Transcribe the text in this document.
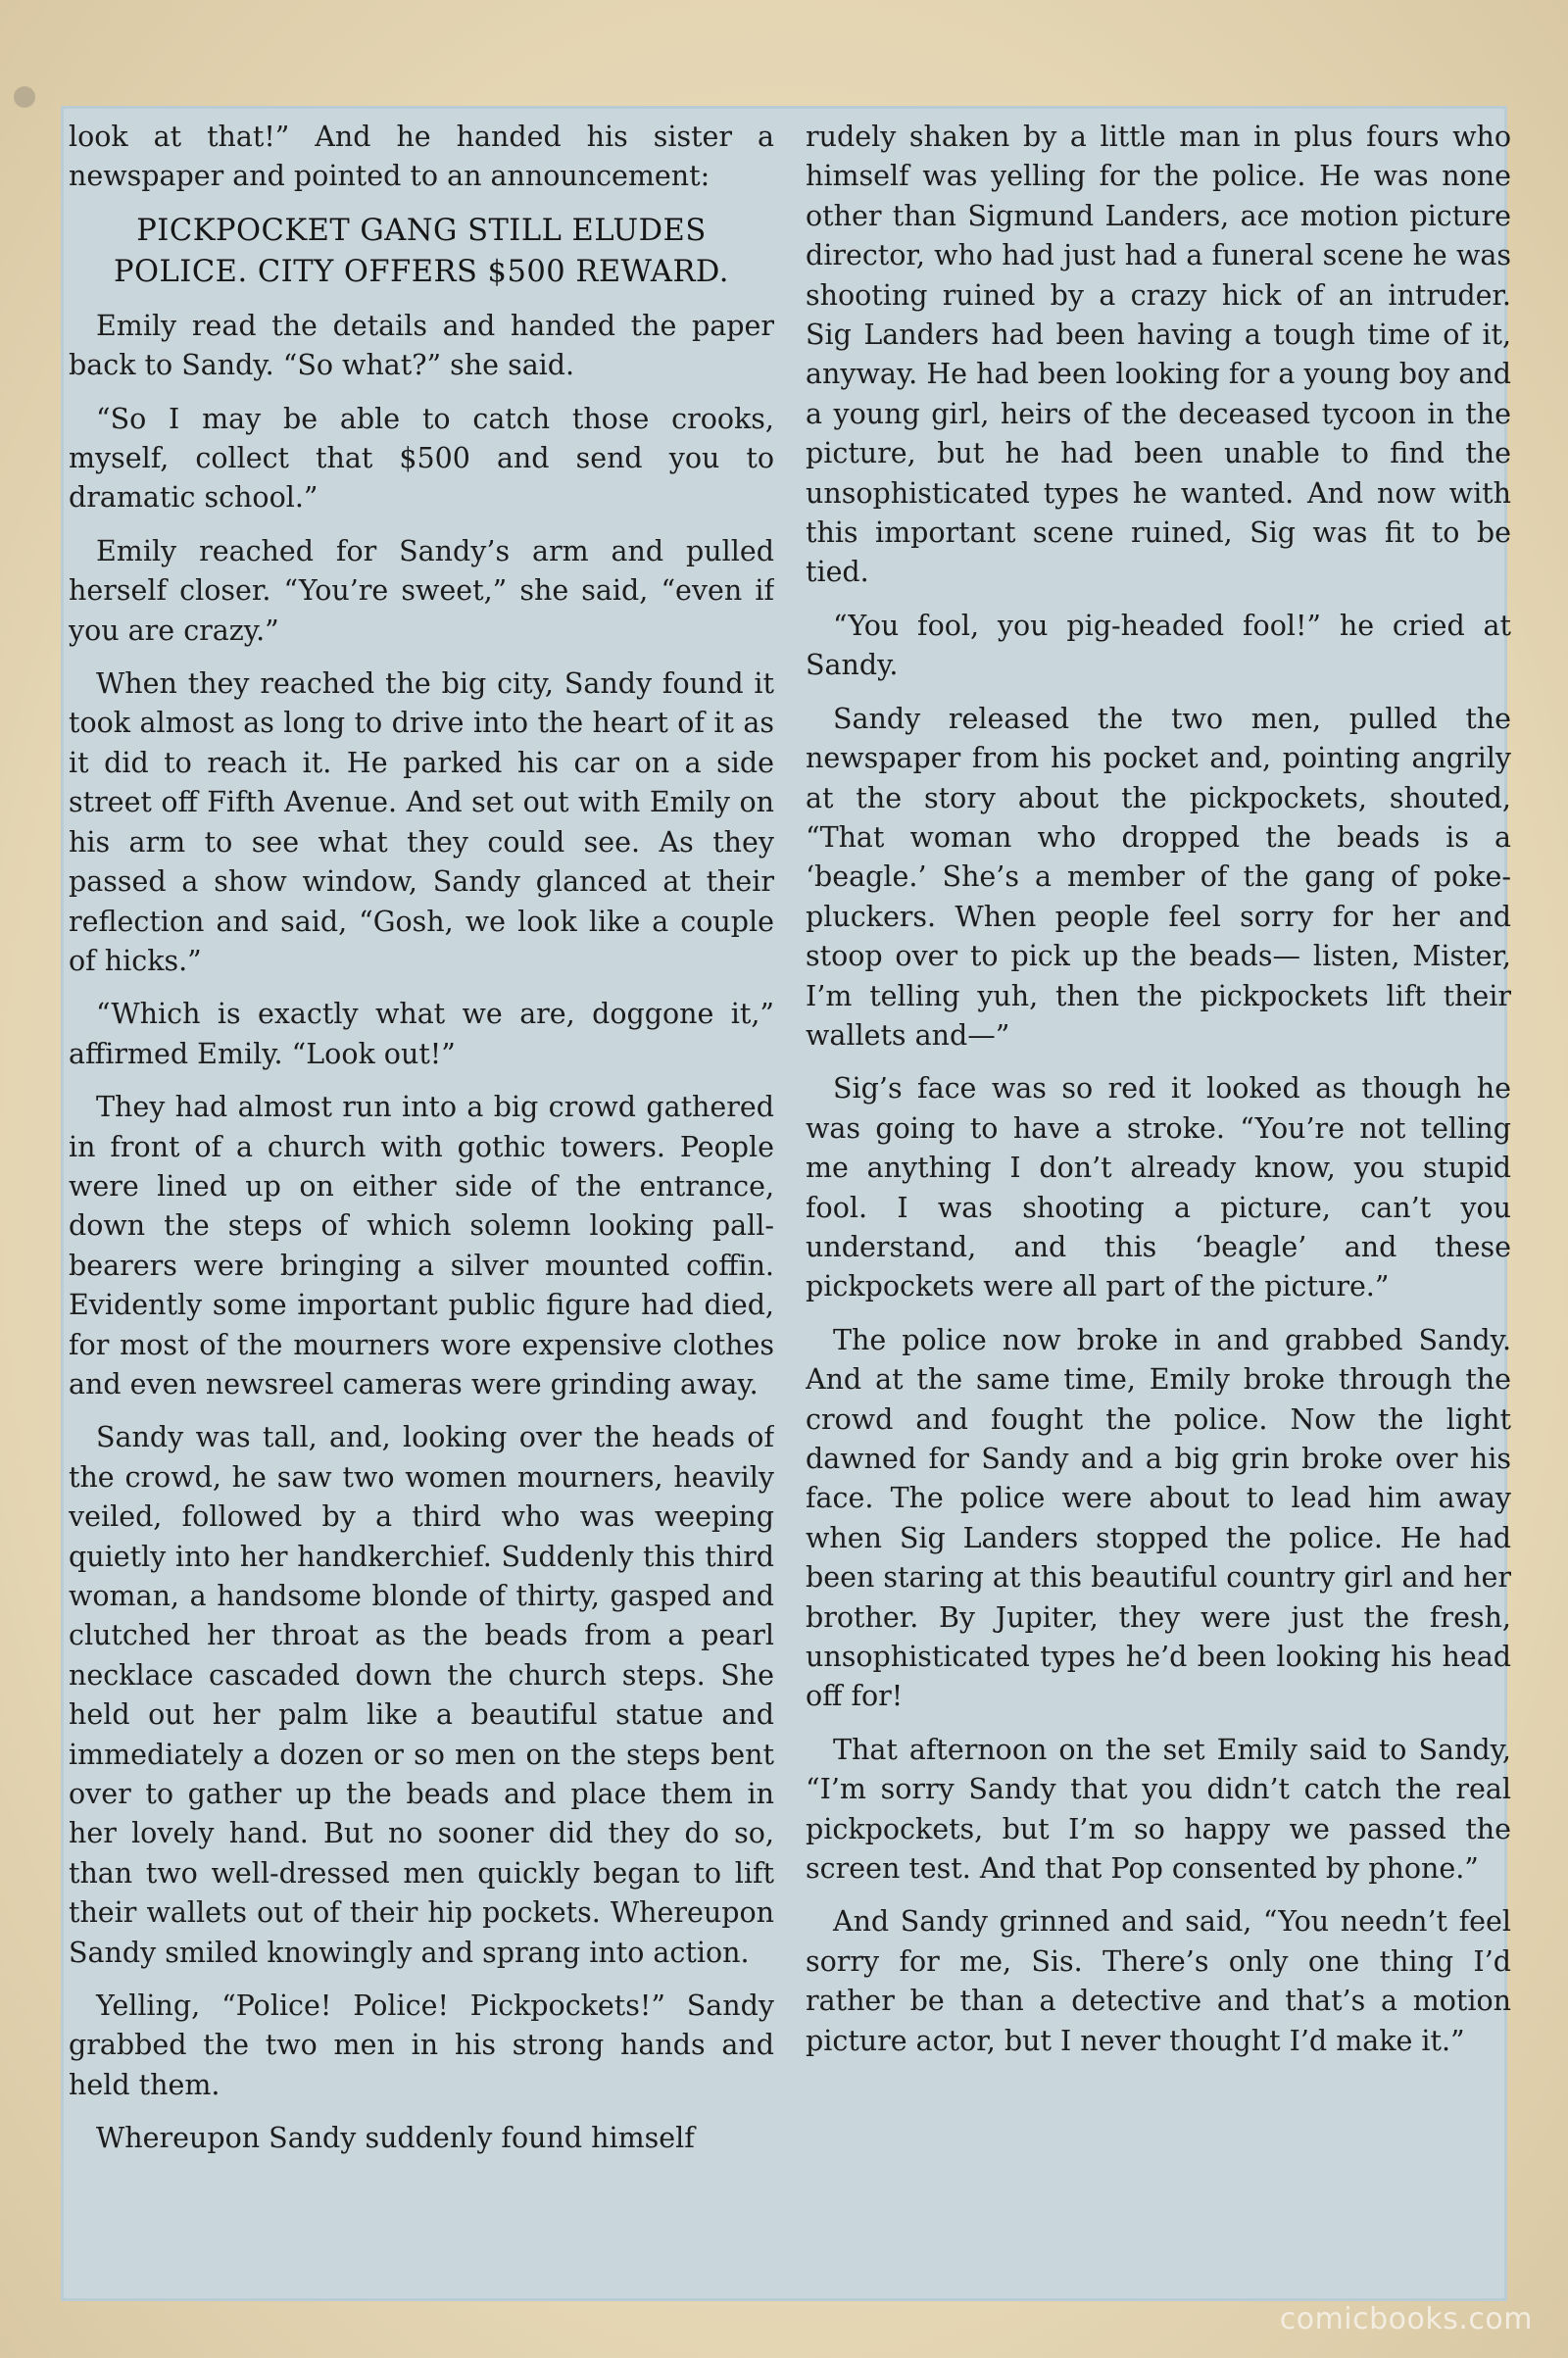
look at that!” And he handed his sister a newspaper and pointed to an announcement:

PICKPOCKET GANG STILL ELUDES
POLICE. CITY OFFERS $500 REWARD.

Emily read the details and handed the paper back to Sandy. “So what?” she said.

“So I may be able to catch those crooks, myself, collect that $500 and send you to dramatic school.”

Emily reached for Sandy’s arm and pulled herself closer. “You’re sweet,” she said, “even if you are crazy.”

When they reached the big city, Sandy found it took almost as long to drive into the heart of it as it did to reach it. He parked his car on a side street off Fifth Avenue. And set out with Emily on his arm to see what they could see. As they passed a show window, Sandy glanced at their reflection and said, “Gosh, we look like a couple of hicks.”

“Which is exactly what we are, doggone it,” affirmed Emily. “Look out!”

They had almost run into a big crowd gathered in front of a church with gothic towers. People were lined up on either side of the entrance, down the steps of which solemn looking pall-bearers were bringing a silver mounted coffin. Evidently some important public figure had died, for most of the mourners wore expensive clothes and even newsreel cameras were grinding away.

Sandy was tall, and, looking over the heads of the crowd, he saw two women mourners, heavily veiled, followed by a third who was weeping quietly into her handkerchief. Suddenly this third woman, a handsome blonde of thirty, gasped and clutched her throat as the beads from a pearl necklace cascaded down the church steps. She held out her palm like a beautiful statue and immediately a dozen or so men on the steps bent over to gather up the beads and place them in her lovely hand. But no sooner did they do so, than two well-dressed men quickly began to lift their wallets out of their hip pockets. Whereupon Sandy smiled knowingly and sprang into action.

Yelling, “Police! Police! Pickpockets!” Sandy grabbed the two men in his strong hands and held them.

Whereupon Sandy suddenly found himself

rudely shaken by a little man in plus fours who himself was yelling for the police. He was none other than Sigmund Landers, ace motion picture director, who had just had a funeral scene he was shooting ruined by a crazy hick of an intruder. Sig Landers had been having a tough time of it, anyway. He had been looking for a young boy and a young girl, heirs of the deceased tycoon in the picture, but he had been unable to find the unsophisticated types he wanted. And now with this important scene ruined, Sig was fit to be tied.

“You fool, you pig-headed fool!” he cried at Sandy.

Sandy released the two men, pulled the newspaper from his pocket and, pointing angrily at the story about the pickpockets, shouted, “That woman who dropped the beads is a ‘beagle.’ She’s a member of the gang of poke-pluckers. When people feel sorry for her and stoop over to pick up the beads— listen, Mister, I’m telling yuh, then the pickpockets lift their wallets and—”

Sig’s face was so red it looked as though he was going to have a stroke. “You’re not telling me anything I don’t already know, you stupid fool. I was shooting a picture, can’t you understand, and this ‘beagle’ and these pickpockets were all part of the picture.”

The police now broke in and grabbed Sandy. And at the same time, Emily broke through the crowd and fought the police. Now the light dawned for Sandy and a big grin broke over his face. The police were about to lead him away when Sig Landers stopped the police. He had been staring at this beautiful country girl and her brother. By Jupiter, they were just the fresh, unsophisticated types he’d been looking his head off for!

That afternoon on the set Emily said to Sandy, “I’m sorry Sandy that you didn’t catch the real pickpockets, but I’m so happy we passed the screen test. And that Pop consented by phone.”

And Sandy grinned and said, “You needn’t feel sorry for me, Sis. There’s only one thing I’d rather be than a detective and that’s a motion picture actor, but I never thought I’d make it.”

comicbooks.com
